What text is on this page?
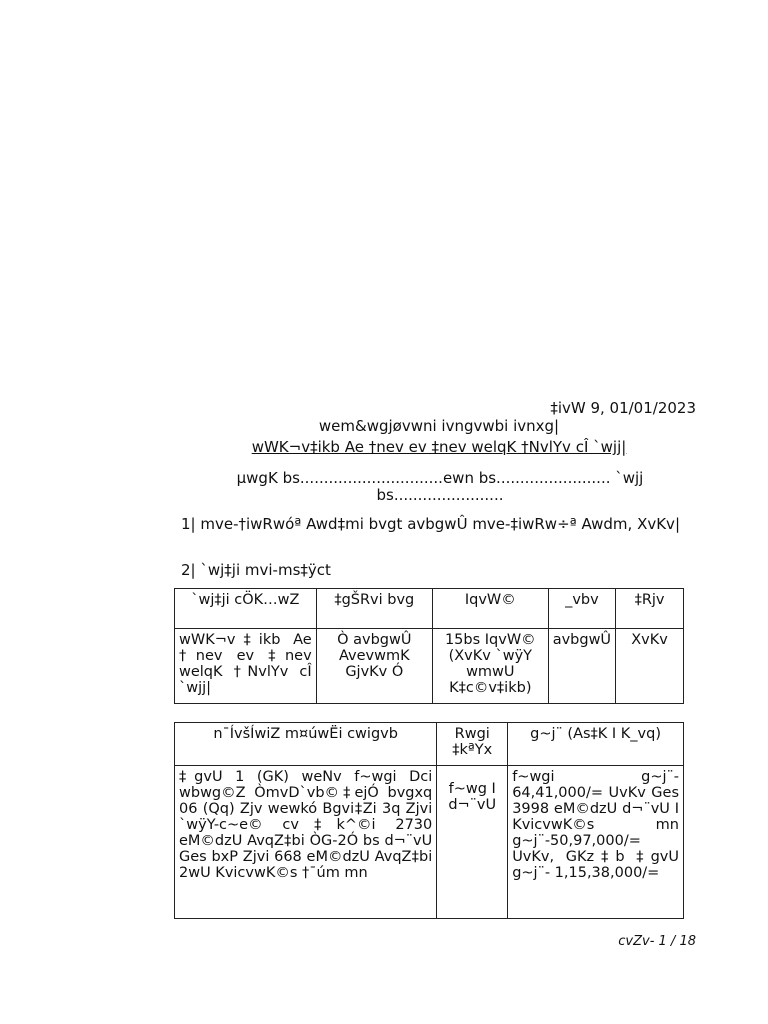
‡ivW 9, 01/01/2023
wem&wgjøvwni ivngvwbi ivnxg|
wWK¬v‡ikb Ae †nev ev ‡nev welqK †NvlYv cÎ `wjj|
µwgK bs..............................ewn bs........................ `wjj bs.......................
1| mve-†iwRwóª Awd‡mi bvgt avbgwÛ mve-‡iwRw÷ª Awdm, XvKv|
2| `wj‡ji mvi-ms‡ÿct
`wj‡ji cÖK…wZ	‡gŠRvi bvg	IqvW©	_vbv	‡Rjv
wWK¬v‡ikb Ae †nev ev ‡nev welqK †NvlYv cÎ `wjj|	Ò avbgwÛ AvevwmK GjvKv Ó	15bs IqvW© (XvKv `wÿY wmwU K‡c©v‡ikb)	avbgwÛ	XvKv
n¯ÍvšÍwiZ m¤úwËi cwigvb	Rwgi ‡kªYx	g~j¨ (As‡K I K_vq)
‡gvU 1 (GK) weNv f~wgi Dci wbwg©Z ÒmvD`vb©‡ejÓ bvgxq 06 (Qq) Zjv wewkó Bgvi‡Zi 3q Zjvi `wÿY-c~e© cv‡k^©i 2730 eM©dzU AvqZ‡bi ÒG-2Ó bs d¬¨vU Ges bxP Zjvi 668 eM©dzU AvqZ‡bi 2wU KvicvwK©s †¯úm mn	f~wg I d¬¨vU	f~wgi g~j¨- 64,41,000/= UvKv Ges 3998 eM©dzU d¬¨vU I KvicvwK©s mn g~j¨-50,97,000/= UvKv, GKz‡b ‡gvU g~j¨- 1,15,38,000/=
cvZv- 1 / 18
